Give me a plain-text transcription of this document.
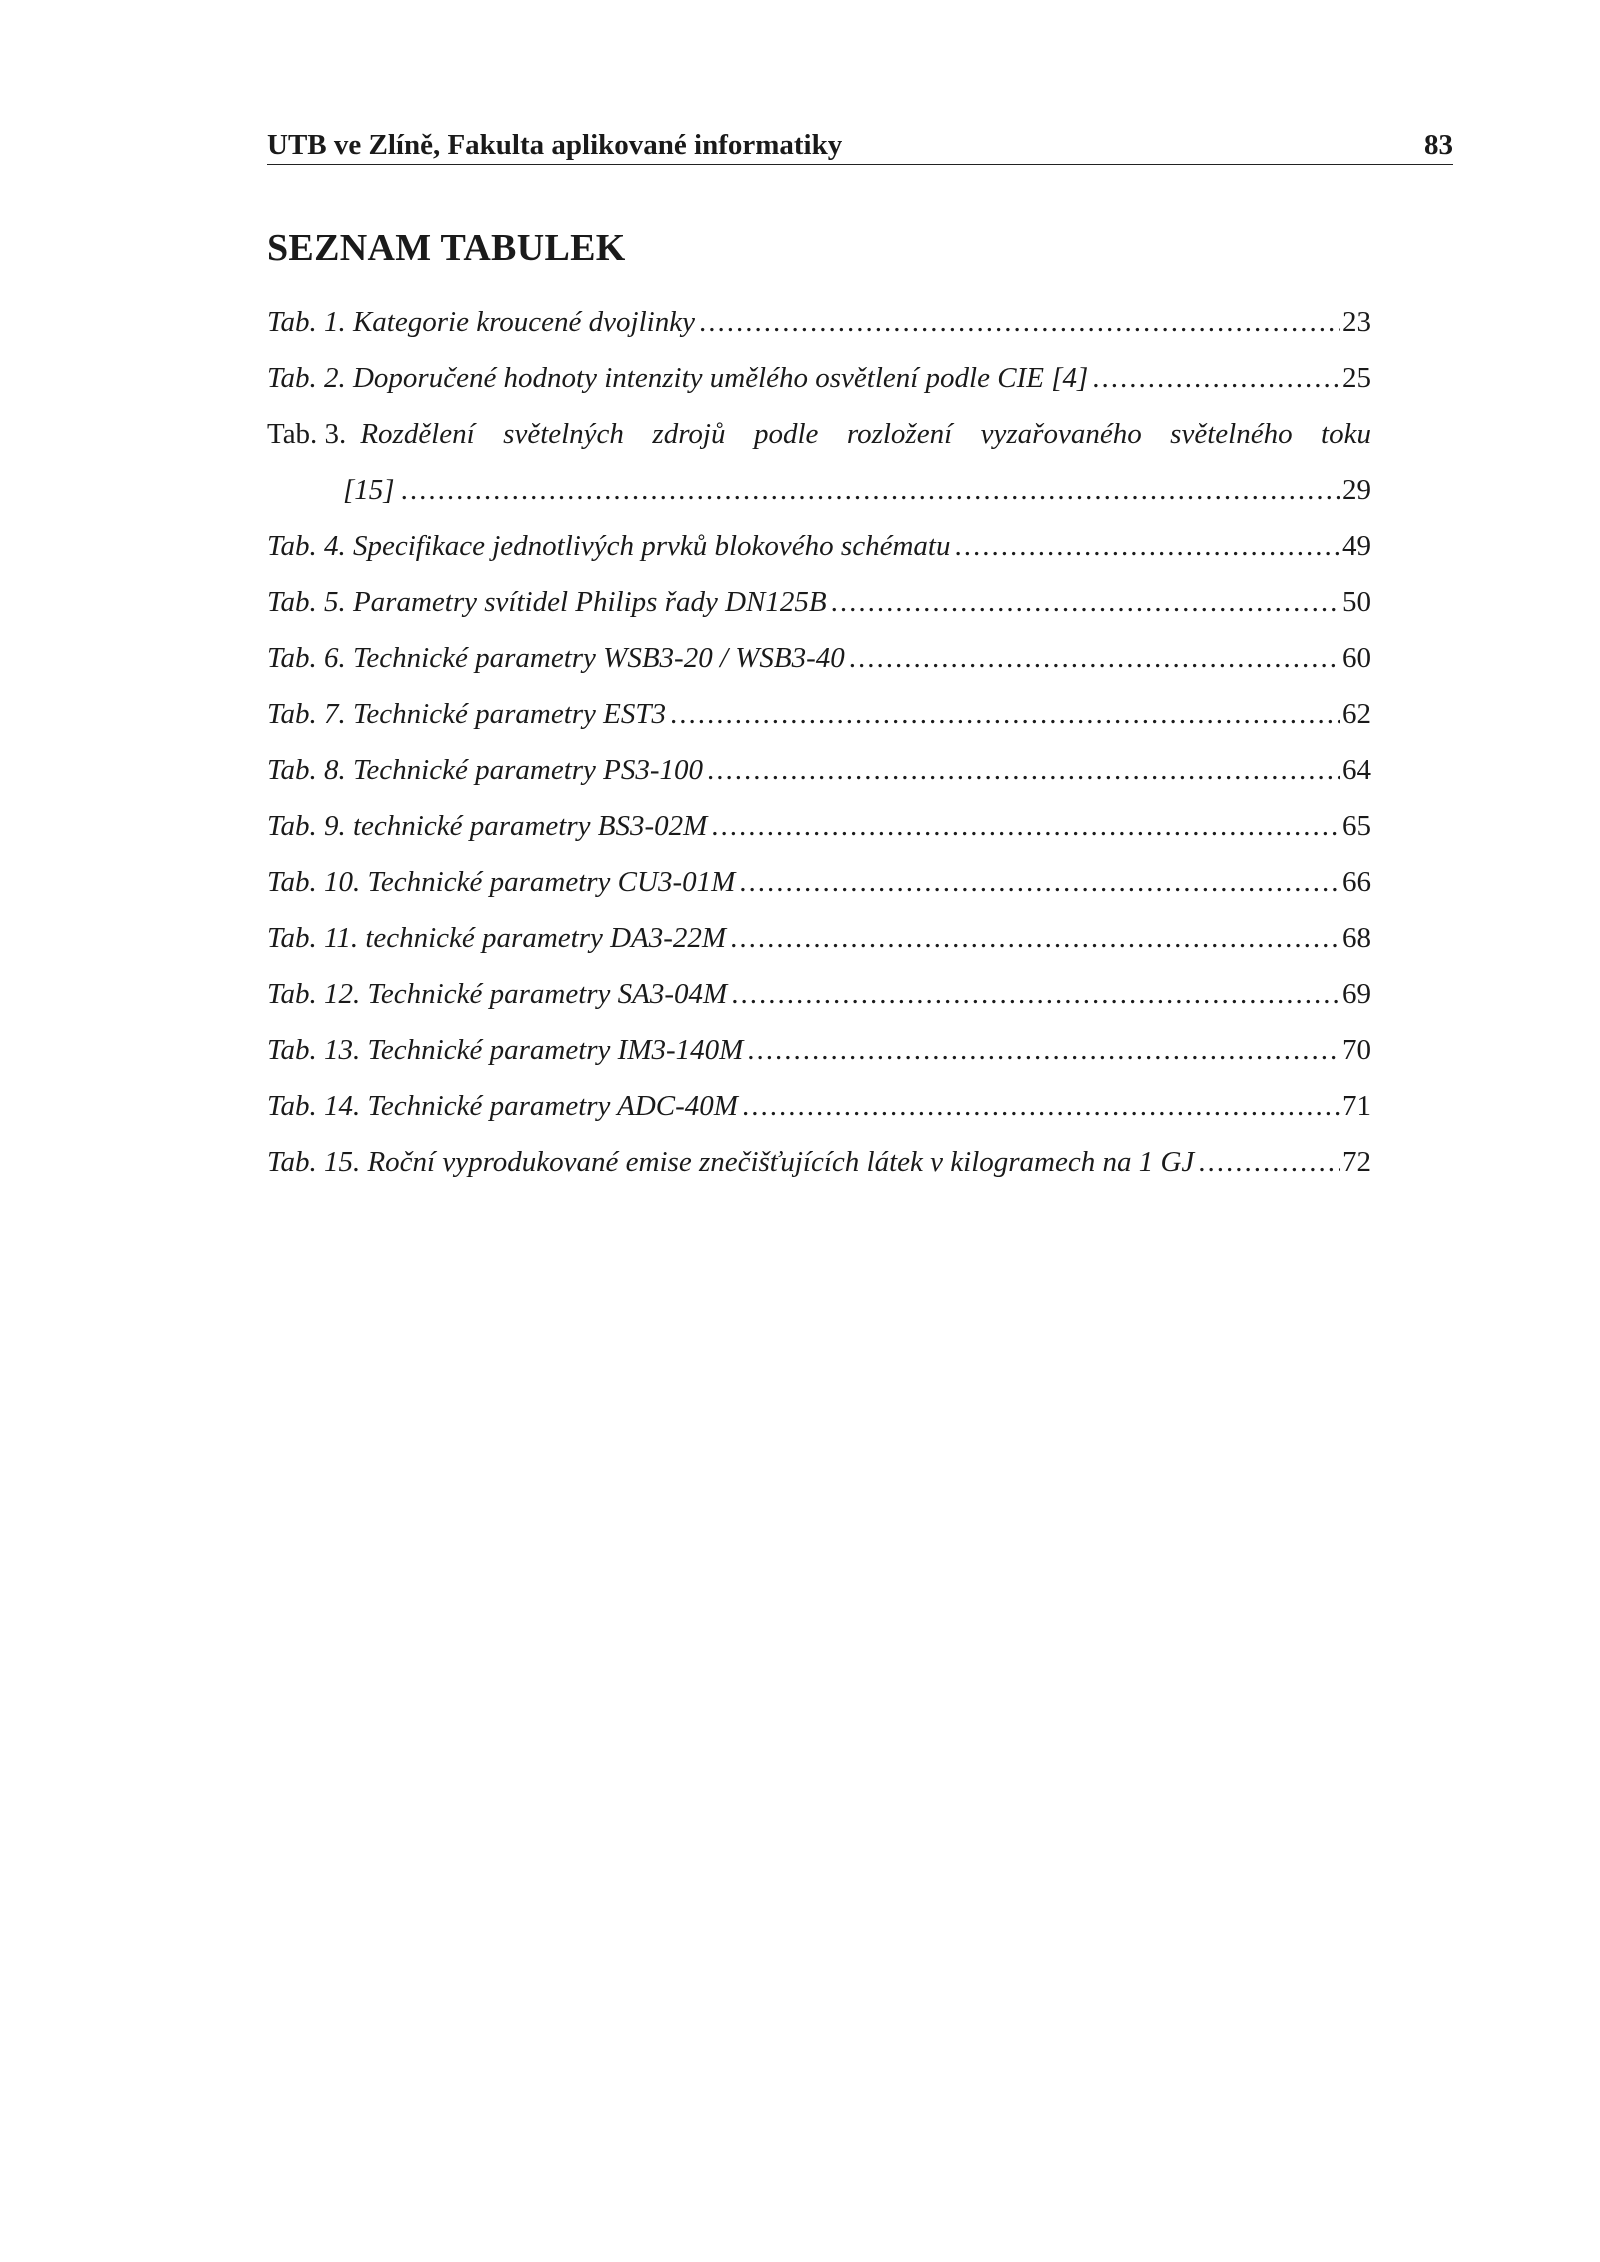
UTB ve Zlíně, Fakulta aplikované informatiky	83
SEZNAM TABULEK
Tab. 1. Kategorie kroucené dvojlinky .....	23
Tab. 2. Doporučené hodnoty intenzity umělého osvětlení podle CIE [4] .....	25
Tab. 3. Rozdělení světelných zdrojů podle rozložení vyzařovaného světelného toku
[15] .....	29
Tab. 4. Specifikace jednotlivých prvků blokového schématu .....	49
Tab. 5. Parametry svítidel Philips řady DN125B .....	50
Tab. 6. Technické parametry WSB3-20 / WSB3-40 .....	60
Tab. 7. Technické parametry EST3 .....	62
Tab. 8. Technické parametry PS3-100 .....	64
Tab. 9. technické parametry BS3-02M .....	65
Tab. 10. Technické parametry CU3-01M .....	66
Tab. 11. technické parametry DA3-22M .....	68
Tab. 12. Technické parametry SA3-04M .....	69
Tab. 13. Technické parametry IM3-140M .....	70
Tab. 14. Technické parametry ADC-40M .....	71
Tab. 15. Roční vyprodukované emise znečišťujících látek v kilogramech na 1 GJ .....	72
